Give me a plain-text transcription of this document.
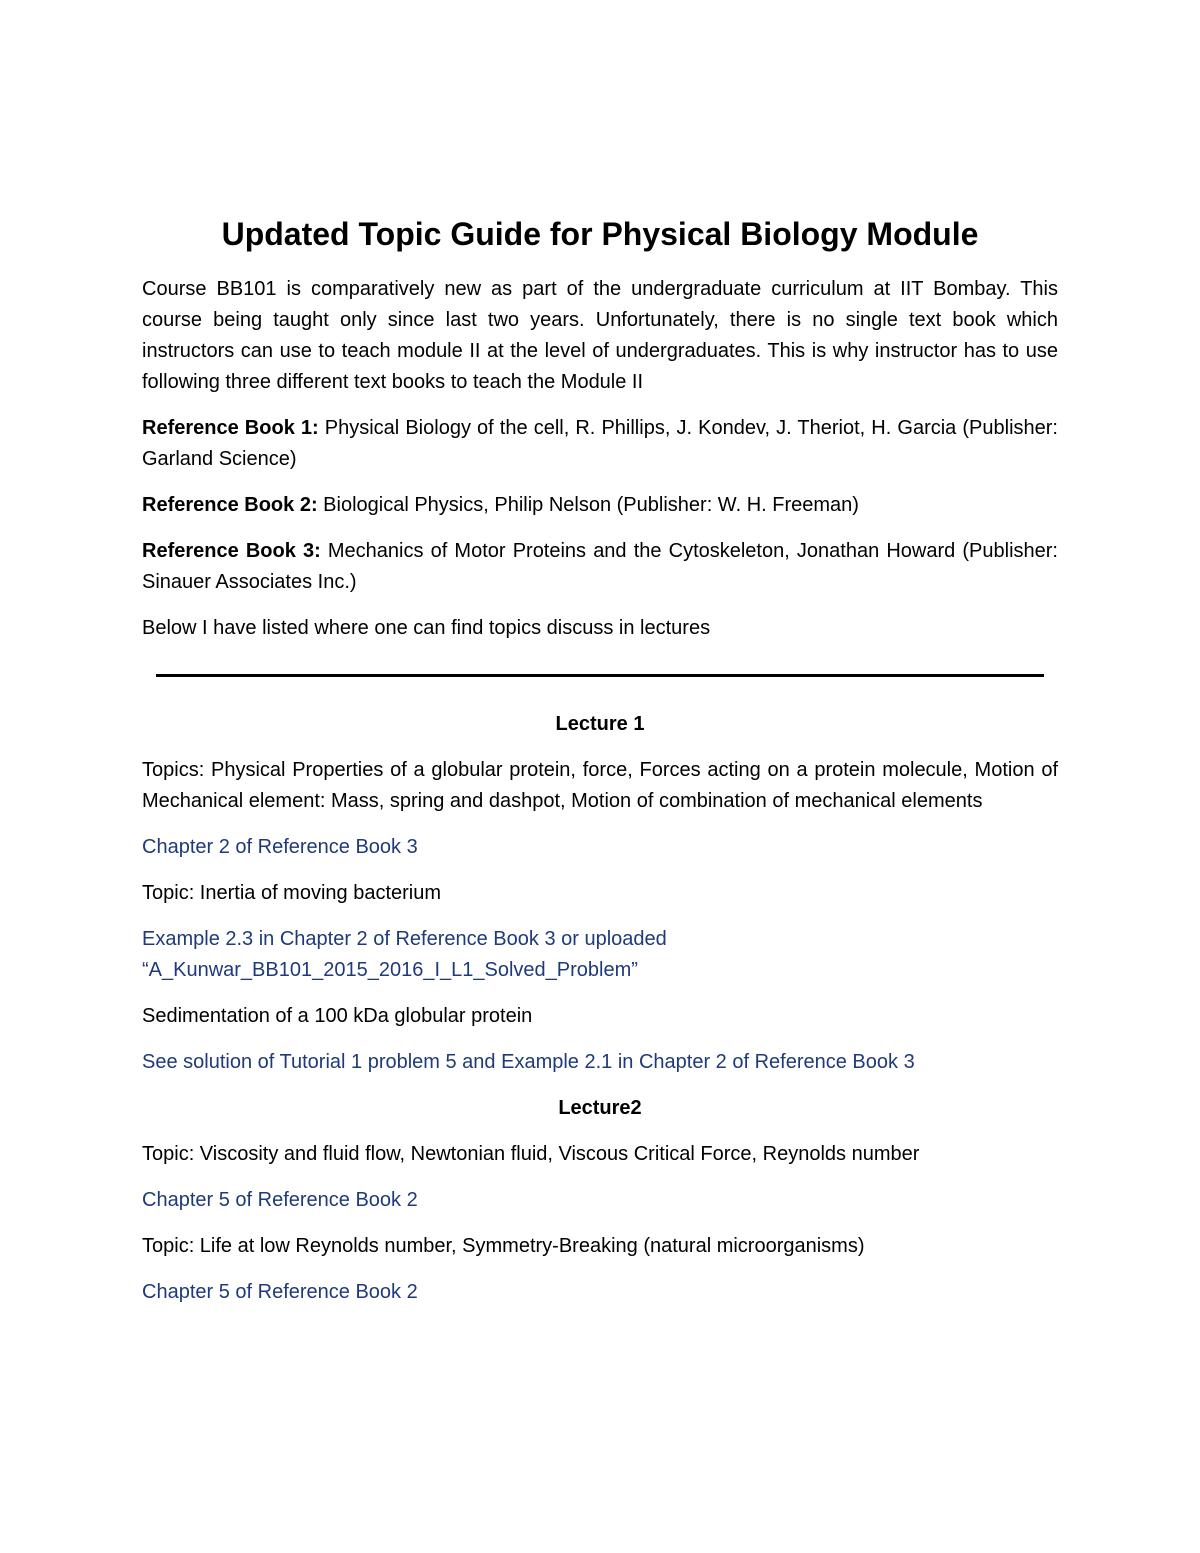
Updated Topic Guide for Physical Biology Module

Course BB101 is comparatively new as part of the undergraduate curriculum at IIT Bombay. This course being taught only since last two years. Unfortunately, there is no single text book which instructors can use to teach module II at the level of undergraduates. This is why instructor has to use following three different text books to teach the Module II

Reference Book 1: Physical Biology of the cell, R. Phillips, J. Kondev, J. Theriot, H. Garcia (Publisher: Garland Science)

Reference Book 2: Biological Physics, Philip Nelson (Publisher: W. H. Freeman)

Reference Book 3: Mechanics of Motor Proteins and the Cytoskeleton, Jonathan Howard (Publisher: Sinauer Associates Inc.)

Below I have listed where one can find topics discuss in lectures

Lecture 1

Topics: Physical Properties of a globular protein, force, Forces acting on a protein molecule, Motion of Mechanical element: Mass, spring and dashpot, Motion of combination of mechanical elements

Chapter 2 of Reference Book 3

Topic: Inertia of moving bacterium

Example 2.3 in Chapter 2 of Reference Book 3 or uploaded
“A_Kunwar_BB101_2015_2016_I_L1_Solved_Problem”

Sedimentation of a 100 kDa globular protein

See solution of Tutorial 1 problem 5 and Example 2.1 in Chapter 2 of Reference Book 3

Lecture2

Topic: Viscosity and fluid flow, Newtonian fluid, Viscous Critical Force, Reynolds number

Chapter 5 of Reference Book 2

Topic: Life at low Reynolds number, Symmetry-Breaking (natural microorganisms)

Chapter 5 of Reference Book 2
